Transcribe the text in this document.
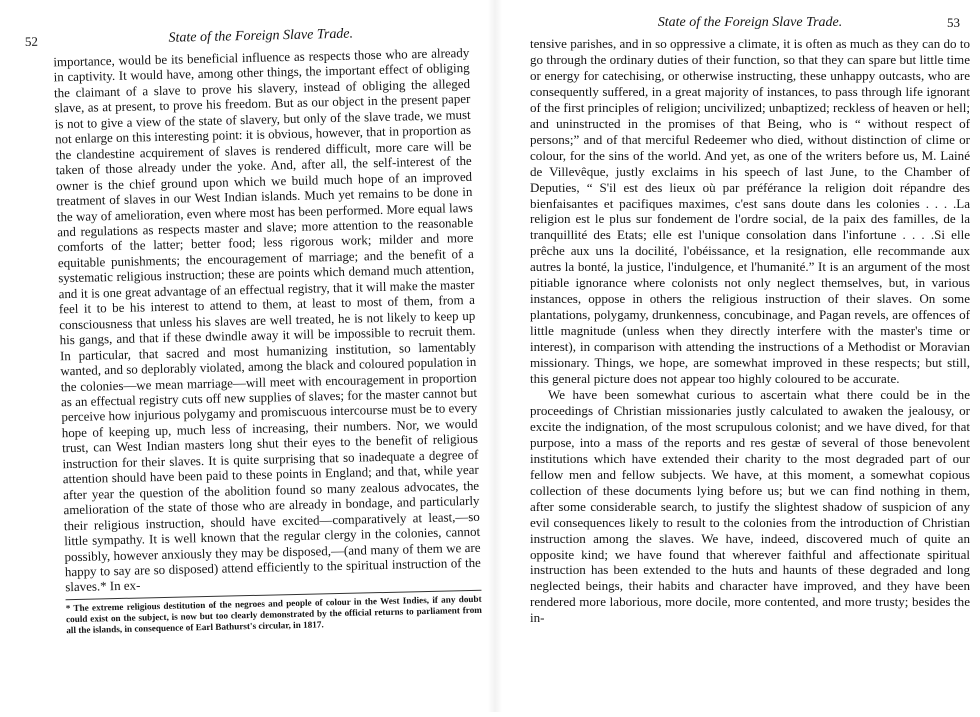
52	State of the Foreign Slave Trade.

importance, would be its beneficial influence as respects those who are already in captivity. It would have, among other things, the important effect of obliging the claimant of a slave to prove his slavery, instead of obliging the alleged slave, as at present, to prove his freedom. But as our object in the present paper is not to give a view of the state of slavery, but only of the slave trade, we must not enlarge on this interesting point: it is obvious, however, that in proportion as the clandestine acquirement of slaves is rendered difficult, more care will be taken of those already under the yoke. And, after all, the self-interest of the owner is the chief ground upon which we build much hope of an improved treatment of slaves in our West Indian islands. Much yet remains to be done in the way of amelioration, even where most has been performed. More equal laws and regulations as respects master and slave; more attention to the reasonable comforts of the latter; better food; less rigorous work; milder and more equitable punishments; the encouragement of marriage; and the benefit of a systematic religious instruction; these are points which demand much attention, and it is one great advantage of an effectual registry, that it will make the master feel it to be his interest to attend to them, at least to most of them, from a consciousness that unless his slaves are well treated, he is not likely to keep up his gangs, and that if these dwindle away it will be impossible to recruit them. In particular, that sacred and most humanizing institution, so lamentably wanted, and so deplorably violated, among the black and coloured population in the colonies—we mean marriage—will meet with encouragement in proportion as an effectual registry cuts off new supplies of slaves; for the master cannot but perceive how injurious polygamy and promiscuous intercourse must be to every hope of keeping up, much less of increasing, their numbers. Nor, we would trust, can West Indian masters long shut their eyes to the benefit of religious instruction for their slaves. It is quite surprising that so inadequate a degree of attention should have been paid to these points in England; and that, while year after year the question of the abolition found so many zealous advocates, the amelioration of the state of those who are already in bondage, and particularly their religious instruction, should have excited—comparatively at least,—so little sympathy. It is well known that the regular clergy in the colonies, cannot possibly, however anxiously they may be disposed,—(and many of them we are happy to say are so disposed) attend efficiently to the spiritual instruction of the slaves.* In ex-

* The extreme religious destitution of the negroes and people of colour in the West Indies, if any doubt could exist on the subject, is now but too clearly demonstrated by the official returns to parliament from all the islands, in consequence of Earl Bathurst's circular, in 1817.

State of the Foreign Slave Trade.	53

tensive parishes, and in so oppressive a climate, it is often as much as they can do to go through the ordinary duties of their function, so that they can spare but little time or energy for catechising, or otherwise instructing, these unhappy outcasts, who are consequently suffered, in a great majority of instances, to pass through life ignorant of the first principles of religion; uncivilized; unbaptized; reckless of heaven or hell; and uninstructed in the promises of that Being, who is “ without respect of persons;” and of that merciful Redeemer who died, without distinction of clime or colour, for the sins of the world. And yet, as one of the writers before us, M. Lainé de Villevêque, justly exclaims in his speech of last June, to the Chamber of Deputies, “ S'il est des lieux où par préférance la religion doit répandre des bienfaisantes et pacifiques maximes, c'est sans doute dans les colonies . . . .La religion est le plus sur fondement de l'ordre social, de la paix des familles, de la tranquillité des Etats; elle est l'unique consolation dans l'infortune . . . .Si elle prêche aux uns la docilité, l'obéissance, et la resignation, elle recommande aux autres la bonté, la justice, l'indulgence, et l'humanité.” It is an argument of the most pitiable ignorance where colonists not only neglect themselves, but, in various instances, oppose in others the religious instruction of their slaves. On some plantations, polygamy, drunkenness, concubinage, and Pagan revels, are offences of little magnitude (unless when they directly interfere with the master's time or interest), in comparison with attending the instructions of a Methodist or Moravian missionary. Things, we hope, are somewhat improved in these respects; but still, this general picture does not appear too highly coloured to be accurate.

We have been somewhat curious to ascertain what there could be in the proceedings of Christian missionaries justly calculated to awaken the jealousy, or excite the indignation, of the most scrupulous colonist; and we have dived, for that purpose, into a mass of the reports and res gestæ of several of those benevolent institutions which have extended their charity to the most degraded part of our fellow men and fellow subjects. We have, at this moment, a somewhat copious collection of these documents lying before us; but we can find nothing in them, after some considerable search, to justify the slightest shadow of suspicion of any evil consequences likely to result to the colonies from the introduction of Christian instruction among the slaves. We have, indeed, discovered much of quite an opposite kind; we have found that wherever faithful and affectionate spiritual instruction has been extended to the huts and haunts of these degraded and long neglected beings, their habits and character have improved, and they have been rendered more laborious, more docile, more contented, and more trusty; besides the in-
